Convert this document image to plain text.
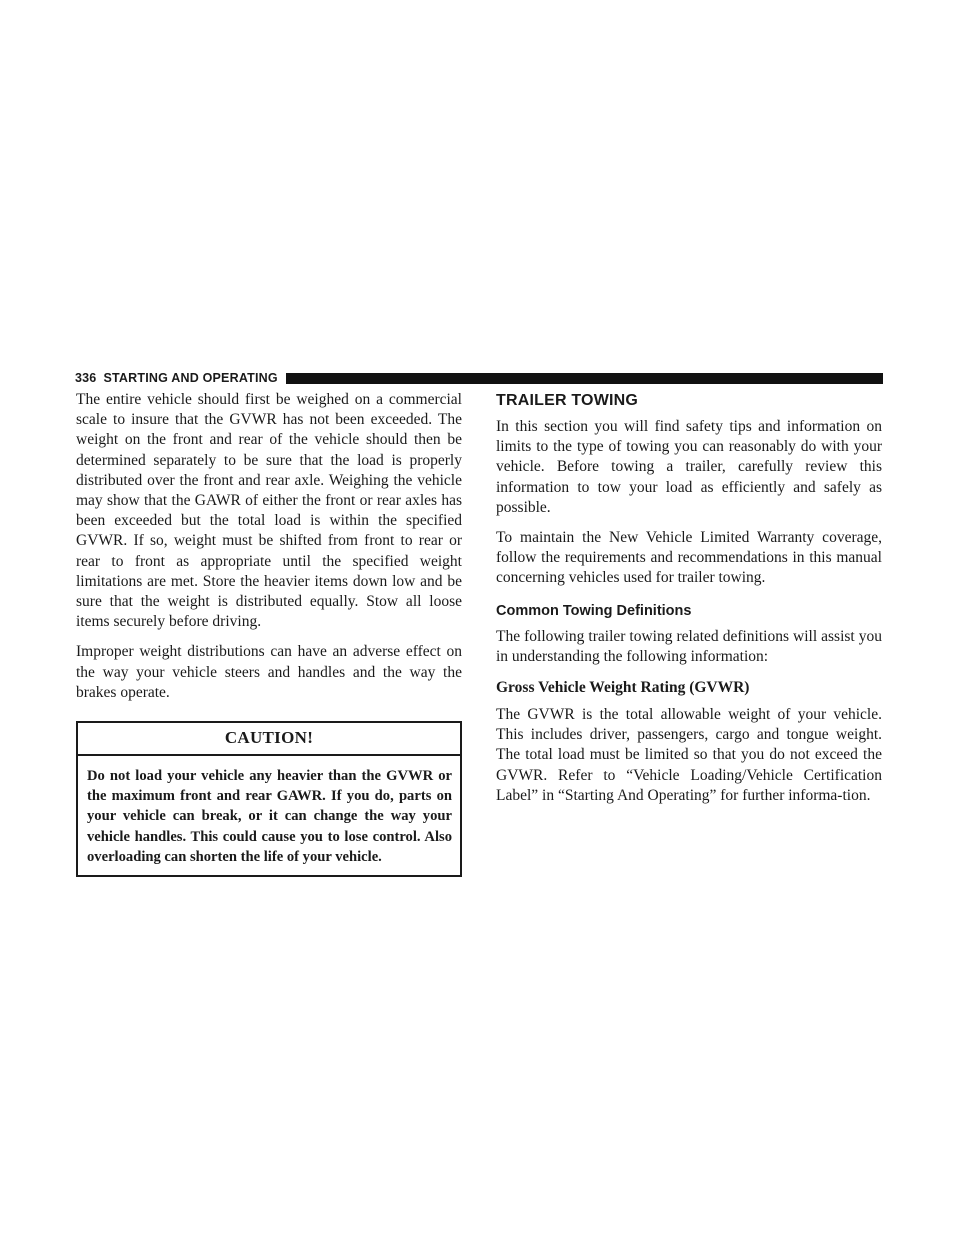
336 STARTING AND OPERATING

The entire vehicle should first be weighed on a commercial scale to insure that the GVWR has not been exceeded. The weight on the front and rear of the vehicle should then be determined separately to be sure that the load is properly distributed over the front and rear axle. Weighing the vehicle may show that the GAWR of either the front or rear axles has been exceeded but the total load is within the specified GVWR. If so, weight must be shifted from front to rear or rear to front as appropriate until the specified weight limitations are met. Store the heavier items down low and be sure that the weight is distributed equally. Stow all loose items securely before driving.

Improper weight distributions can have an adverse effect on the way your vehicle steers and handles and the way the brakes operate.

CAUTION!
Do not load your vehicle any heavier than the GVWR or the maximum front and rear GAWR. If you do, parts on your vehicle can break, or it can change the way your vehicle handles. This could cause you to lose control. Also overloading can shorten the life of your vehicle.
TRAILER TOWING

In this section you will find safety tips and information on limits to the type of towing you can reasonably do with your vehicle. Before towing a trailer, carefully review this information to tow your load as efficiently and safely as possible.

To maintain the New Vehicle Limited Warranty coverage, follow the requirements and recommendations in this manual concerning vehicles used for trailer towing.

Common Towing Definitions

The following trailer towing related definitions will assist you in understanding the following information:

Gross Vehicle Weight Rating (GVWR)

The GVWR is the total allowable weight of your vehicle. This includes driver, passengers, cargo and tongue weight. The total load must be limited so that you do not exceed the GVWR. Refer to “Vehicle Loading/Vehicle Certification Label” in “Starting And Operating” for further informa-tion.
